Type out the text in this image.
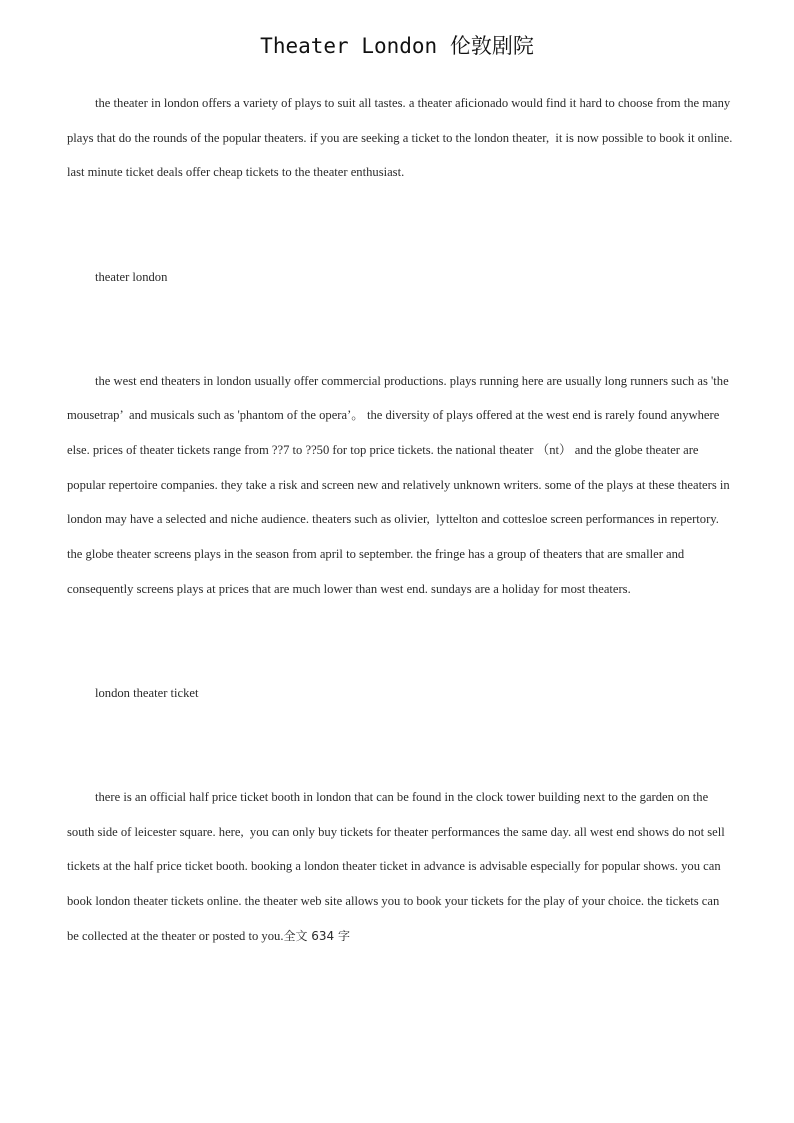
Theater London 伦敦剧院

the theater in london offers a variety of plays to suit all tastes. a theater aficionado would find it hard to choose from the many plays that do the rounds of the popular theaters. if you are seeking a ticket to the london theater,  it is now possible to book it online. last minute ticket deals offer cheap tickets to the theater enthusiast.

theater london

the west end theaters in london usually offer commercial productions. plays running here are usually long runners such as 'the mousetrap’  and musicals such as 'phantom of the opera’。 the diversity of plays offered at the west end is rarely found anywhere else. prices of theater tickets range from ??7 to ??50 for top price tickets. the national theater （nt） and the globe theater are popular repertoire companies. they take a risk and screen new and relatively unknown writers. some of the plays at these theaters in london may have a selected and niche audience. theaters such as olivier,  lyttelton and cottesloe screen performances in repertory. the globe theater screens plays in the season from april to september. the fringe has a group of theaters that are smaller and consequently screens plays at prices that are much lower than west end. sundays are a holiday for most theaters.

london theater ticket

there is an official half price ticket booth in london that can be found in the clock tower building next to the garden on the south side of leicester square. here,  you can only buy tickets for theater performances the same day. all west end shows do not sell tickets at the half price ticket booth. booking a london theater ticket in advance is advisable especially for popular shows. you can book london theater tickets online. the theater web site allows you to book your tickets for the play of your choice. the tickets can be collected at the theater or posted to you.全文 634 字
